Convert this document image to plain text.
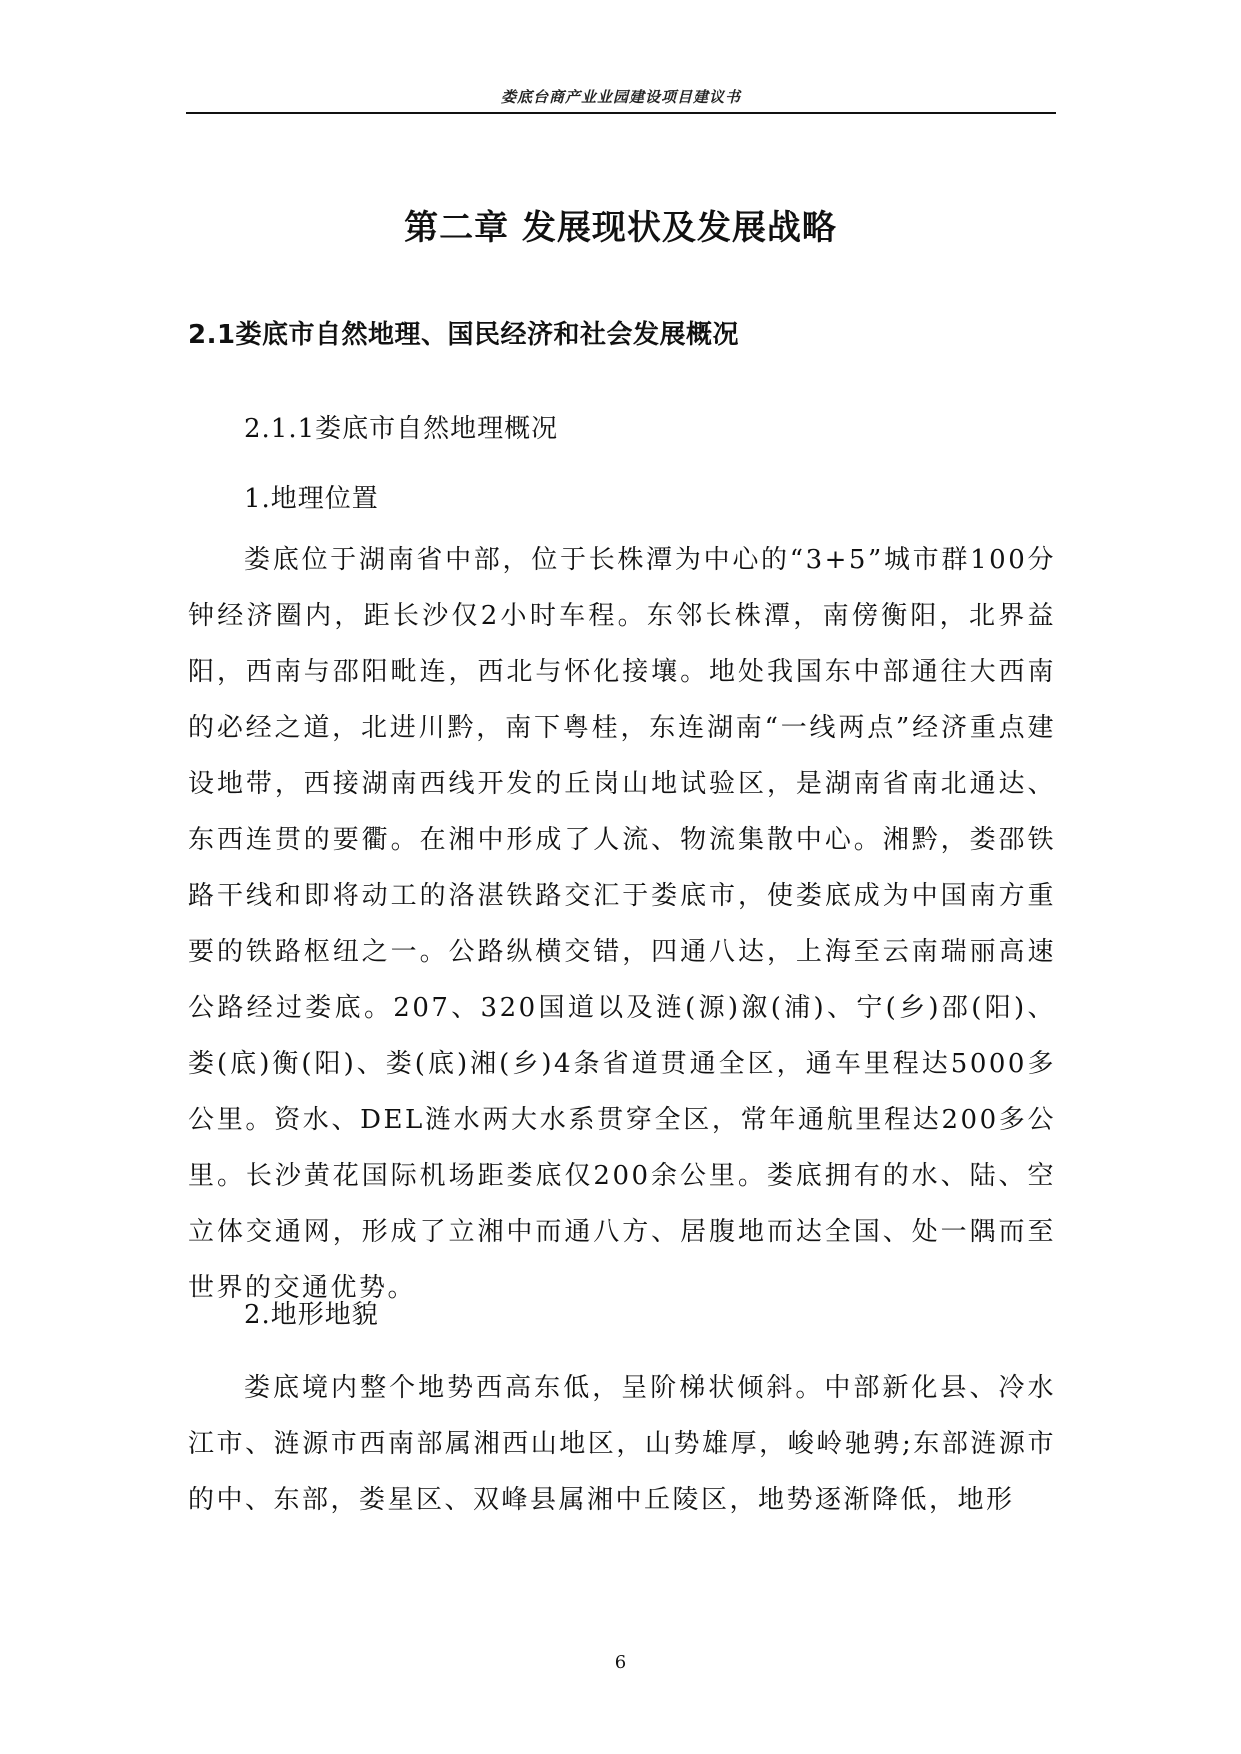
娄底台商产业业园建设项目建议书
第二章 发展现状及发展战略
2.1娄底市自然地理、国民经济和社会发展概况
2.1.1娄底市自然地理概况
1.地理位置
娄底位于湖南省中部，位于长株潭为中心的“3+5”城市群100分钟经济圈内，距长沙仅2小时车程。东邻长株潭，南傍衡阳，北界益阳，西南与邵阳毗连，西北与怀化接壤。地处我国东中部通往大西南的必经之道，北进川黔，南下粤桂，东连湖南“一线两点”经济重点建设地带，西接湖南西线开发的丘岗山地试验区，是湖南省南北通达、东西连贯的要衢。在湘中形成了人流、物流集散中心。湘黔，娄邵铁路干线和即将动工的洛湛铁路交汇于娄底市，使娄底成为中国南方重要的铁路枢纽之一。公路纵横交错，四通八达，上海至云南瑞丽高速公路经过娄底。207、320国道以及涟(源)溆(浦)、宁(乡)邵(阳)、娄(底)衡(阳)、娄(底)湘(乡)4条省道贯通全区，通车里程达5000多公里。资水、DEL涟水两大水系贯穿全区，常年通航里程达200多公里。长沙黄花国际机场距娄底仅200余公里。娄底拥有的水、陆、空立体交通网，形成了立湘中而通八方、居腹地而达全国、处一隅而至世界的交通优势。
2.地形地貌
娄底境内整个地势西高东低，呈阶梯状倾斜。中部新化县、冷水江市、涟源市西南部属湘西山地区，山势雄厚，峻岭驰骋;东部涟源市的中、东部，娄星区、双峰县属湘中丘陵区，地势逐渐降低，地形
6
